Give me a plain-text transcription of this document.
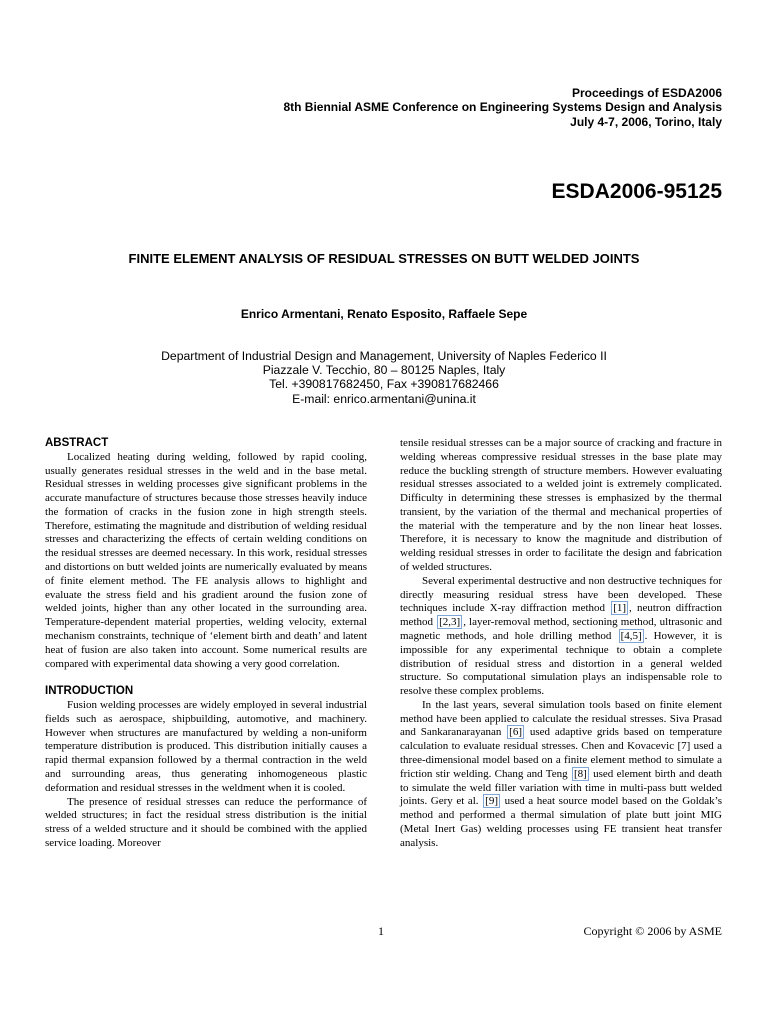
Proceedings of ESDA2006
8th Biennial ASME Conference on Engineering Systems Design and Analysis
July 4-7, 2006, Torino, Italy
ESDA2006-95125
FINITE ELEMENT ANALYSIS OF RESIDUAL STRESSES ON BUTT WELDED JOINTS
Enrico Armentani, Renato Esposito, Raffaele Sepe
Department of Industrial Design and Management, University of Naples Federico II
Piazzale V. Tecchio, 80 – 80125 Naples, Italy
Tel. +390817682450, Fax +390817682466
E-mail: enrico.armentani@unina.it
ABSTRACT

Localized heating during welding, followed by rapid cooling, usually generates residual stresses in the weld and in the base metal. Residual stresses in welding processes give significant problems in the accurate manufacture of structures because those stresses heavily induce the formation of cracks in the fusion zone in high strength steels. Therefore, estimating the magnitude and distribution of welding residual stresses and characterizing the effects of certain welding conditions on the residual stresses are deemed necessary. In this work, residual stresses and distortions on butt welded joints are numerically evaluated by means of finite element method. The FE analysis allows to highlight and evaluate the stress field and his gradient around the fusion zone of welded joints, higher than any other located in the surrounding area. Temperature-dependent material properties, welding velocity, external mechanism constraints, technique of ‘element birth and death’ and latent heat of fusion are also taken into account. Some numerical results are compared with experimental data showing a very good correlation.

INTRODUCTION

Fusion welding processes are widely employed in several industrial fields such as aerospace, shipbuilding, automotive, and machinery. However when structures are manufactured by welding a non-uniform temperature distribution is produced. This distribution initially causes a rapid thermal expansion followed by a thermal contraction in the weld and surrounding areas, thus generating inhomogeneous plastic deformation and residual stresses in the weldment when it is cooled.

The presence of residual stresses can reduce the performance of welded structures; in fact the residual stress distribution is the initial stress of a welded structure and it should be combined with the applied service loading. Moreover

tensile residual stresses can be a major source of cracking and fracture in welding whereas compressive residual stresses in the base plate may reduce the buckling strength of structure members. However evaluating residual stresses associated to a welded joint is extremely complicated. Difficulty in determining these stresses is emphasized by the thermal transient, by the variation of the thermal and mechanical properties of the material with the temperature and by the non linear heat losses. Therefore, it is necessary to know the magnitude and distribution of welding residual stresses in order to facilitate the design and fabrication of welded structures.

Several experimental destructive and non destructive techniques for directly measuring residual stress have been developed. These techniques include X-ray diffraction method [1] , neutron diffraction method [2,3] , layer-removal method, sectioning method, ultrasonic and magnetic methods, and hole drilling method [4,5] . However, it is impossible for any experimental technique to obtain a complete distribution of residual stress and distortion in a general welded structure. So computational simulation plays an indispensable role to resolve these complex problems.

In the last years, several simulation tools based on finite element method have been applied to calculate the residual stresses. Siva Prasad and Sankaranarayanan [6] used adaptive grids based on temperature calculation to evaluate residual stresses. Chen and Kovacevic [7] used a three-dimensional model based on a finite element method to simulate a friction stir welding. Chang and Teng [8] used element birth and death to simulate the weld filler variation with time in multi-pass butt welded joints. Gery et al. [9] used a heat source model based on the Goldak’s method and performed a thermal simulation of plate butt joint MIG (Metal Inert Gas) welding processes using FE transient heat transfer analysis.

1	Copyright © 2006 by ASME
